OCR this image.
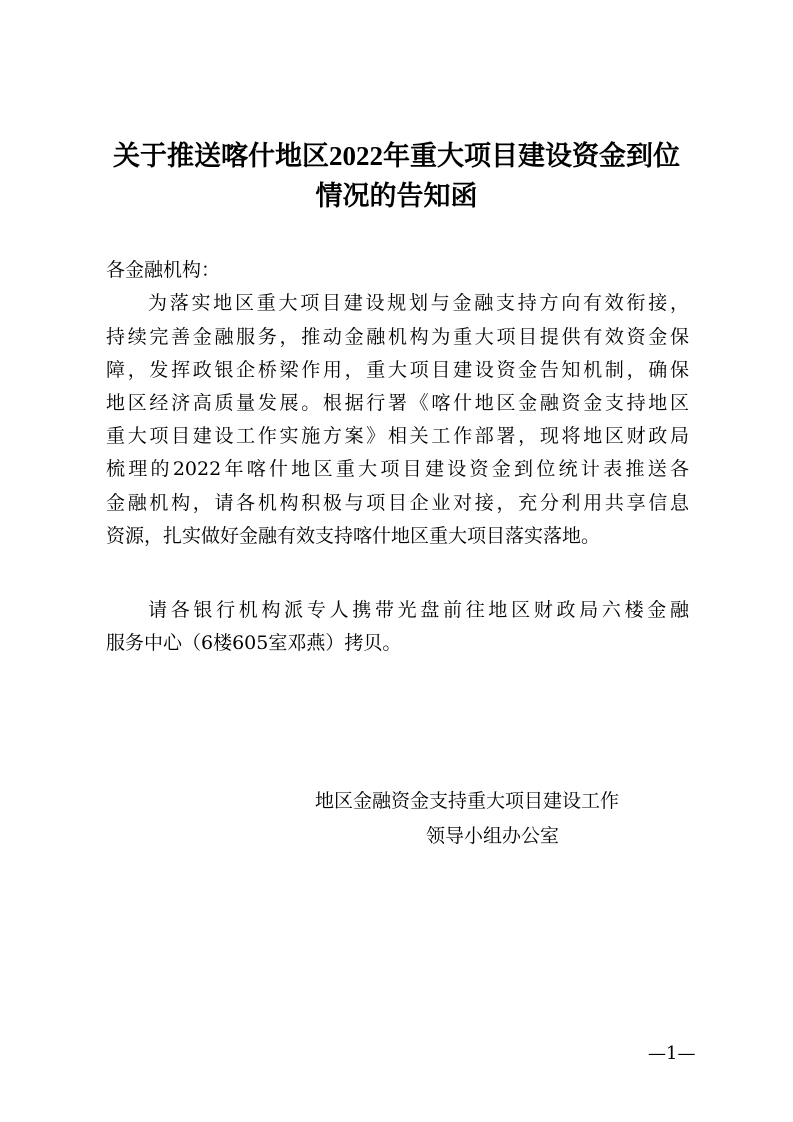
关于推送喀什地区2022年重大项目建设资金到位
情况的告知函
各金融机构：
为落实地区重大项目建设规划与金融支持方向有效衔接，
持续完善金融服务，推动金融机构为重大项目提供有效资金保
障，发挥政银企桥梁作用，重大项目建设资金告知机制，确保
地区经济高质量发展。根据行署《喀什地区金融资金支持地区
重大项目建设工作实施方案》相关工作部署，现将地区财政局
梳理的2022年喀什地区重大项目建设资金到位统计表推送各
金融机构，请各机构积极与项目企业对接，充分利用共享信息
资源，扎实做好金融有效支持喀什地区重大项目落实落地。
请各银行机构派专人携带光盘前往地区财政局六楼金融
服务中心（6楼605室邓燕）拷贝。
地区金融资金支持重大项目建设工作
领导小组办公室
—1—
